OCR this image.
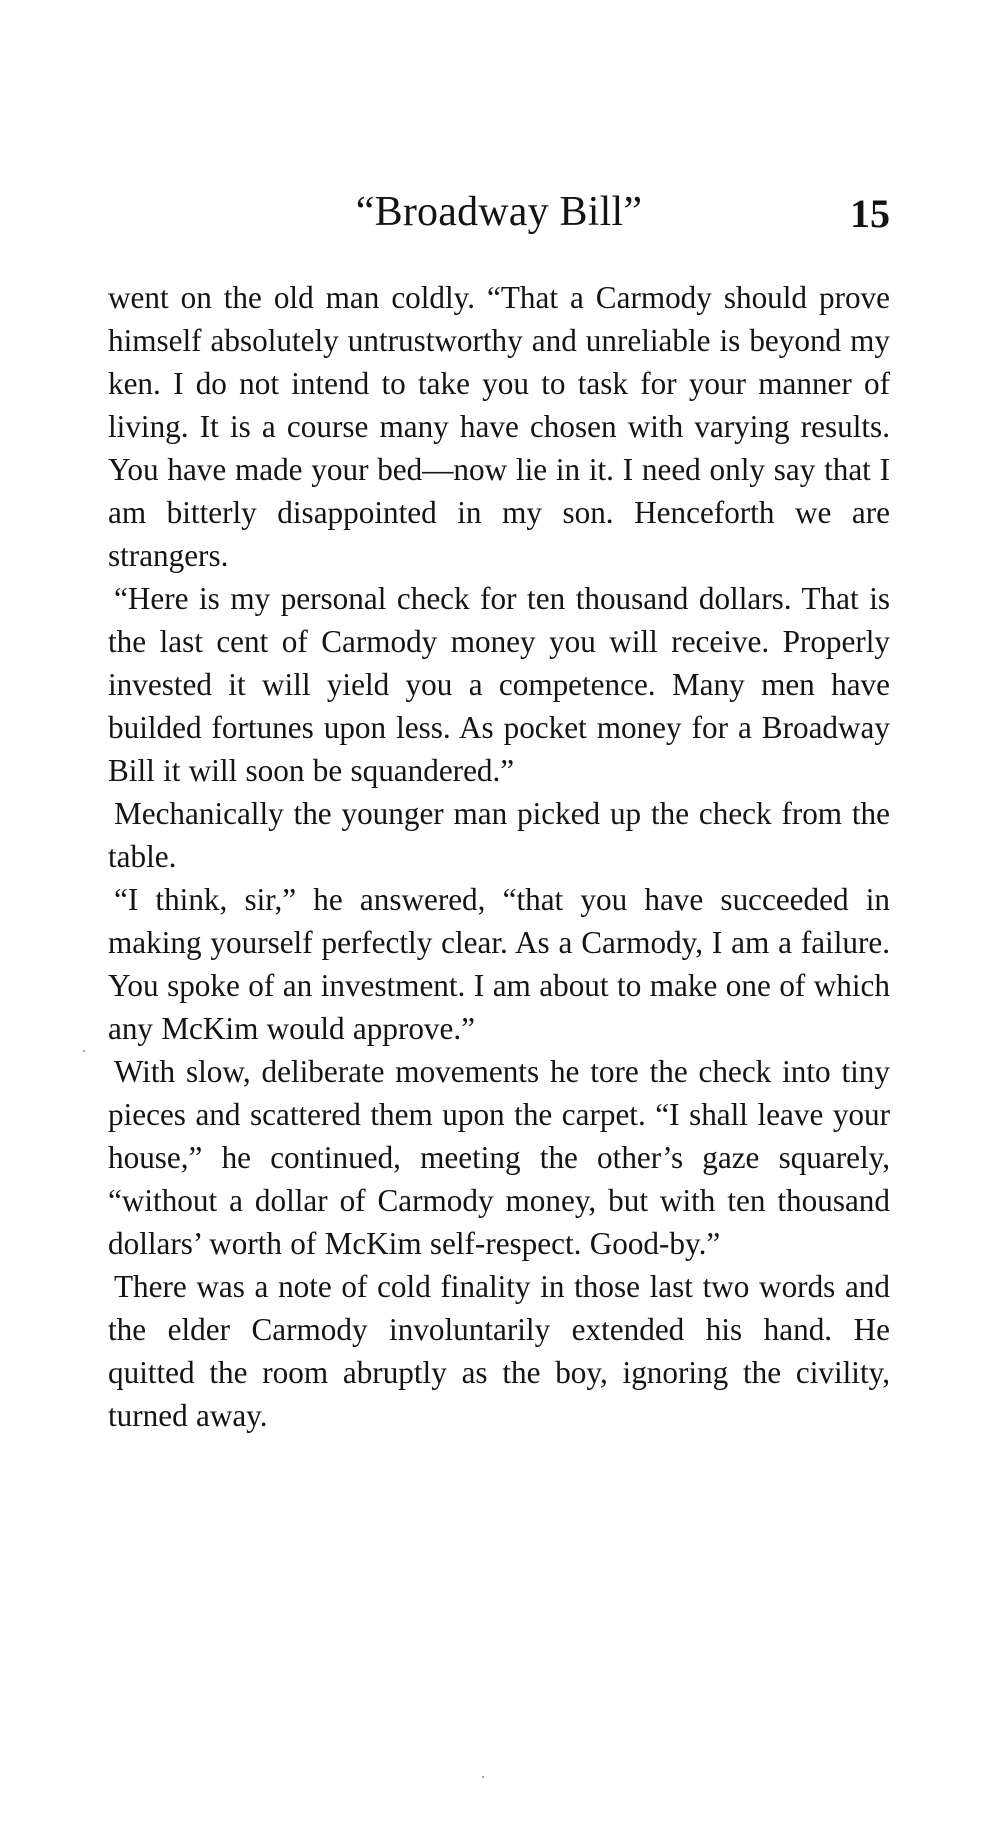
“Broadway Bill”	15

went on the old man coldly. “That a Carmody should prove himself absolutely untrustworthy and unreliable is beyond my ken. I do not intend to take you to task for your manner of living. It is a course many have chosen with varying results. You have made your bed—now lie in it. I need only say that I am bitterly disappointed in my son. Henceforth we are strangers.

“Here is my personal check for ten thousand dollars. That is the last cent of Carmody money you will receive. Properly invested it will yield you a competence. Many men have builded fortunes upon less. As pocket money for a Broadway Bill it will soon be squandered.”

Mechanically the younger man picked up the check from the table.

“I think, sir,” he answered, “that you have succeeded in making yourself perfectly clear. As a Carmody, I am a failure. You spoke of an investment. I am about to make one of which any McKim would approve.”

With slow, deliberate movements he tore the check into tiny pieces and scattered them upon the carpet. “I shall leave your house,” he continued, meeting the other’s gaze squarely, “without a dollar of Carmody money, but with ten thousand dollars’ worth of McKim self-respect. Good-by.”

There was a note of cold finality in those last two words and the elder Carmody involuntarily extended his hand. He quitted the room abruptly as the boy, ignoring the civility, turned away.
